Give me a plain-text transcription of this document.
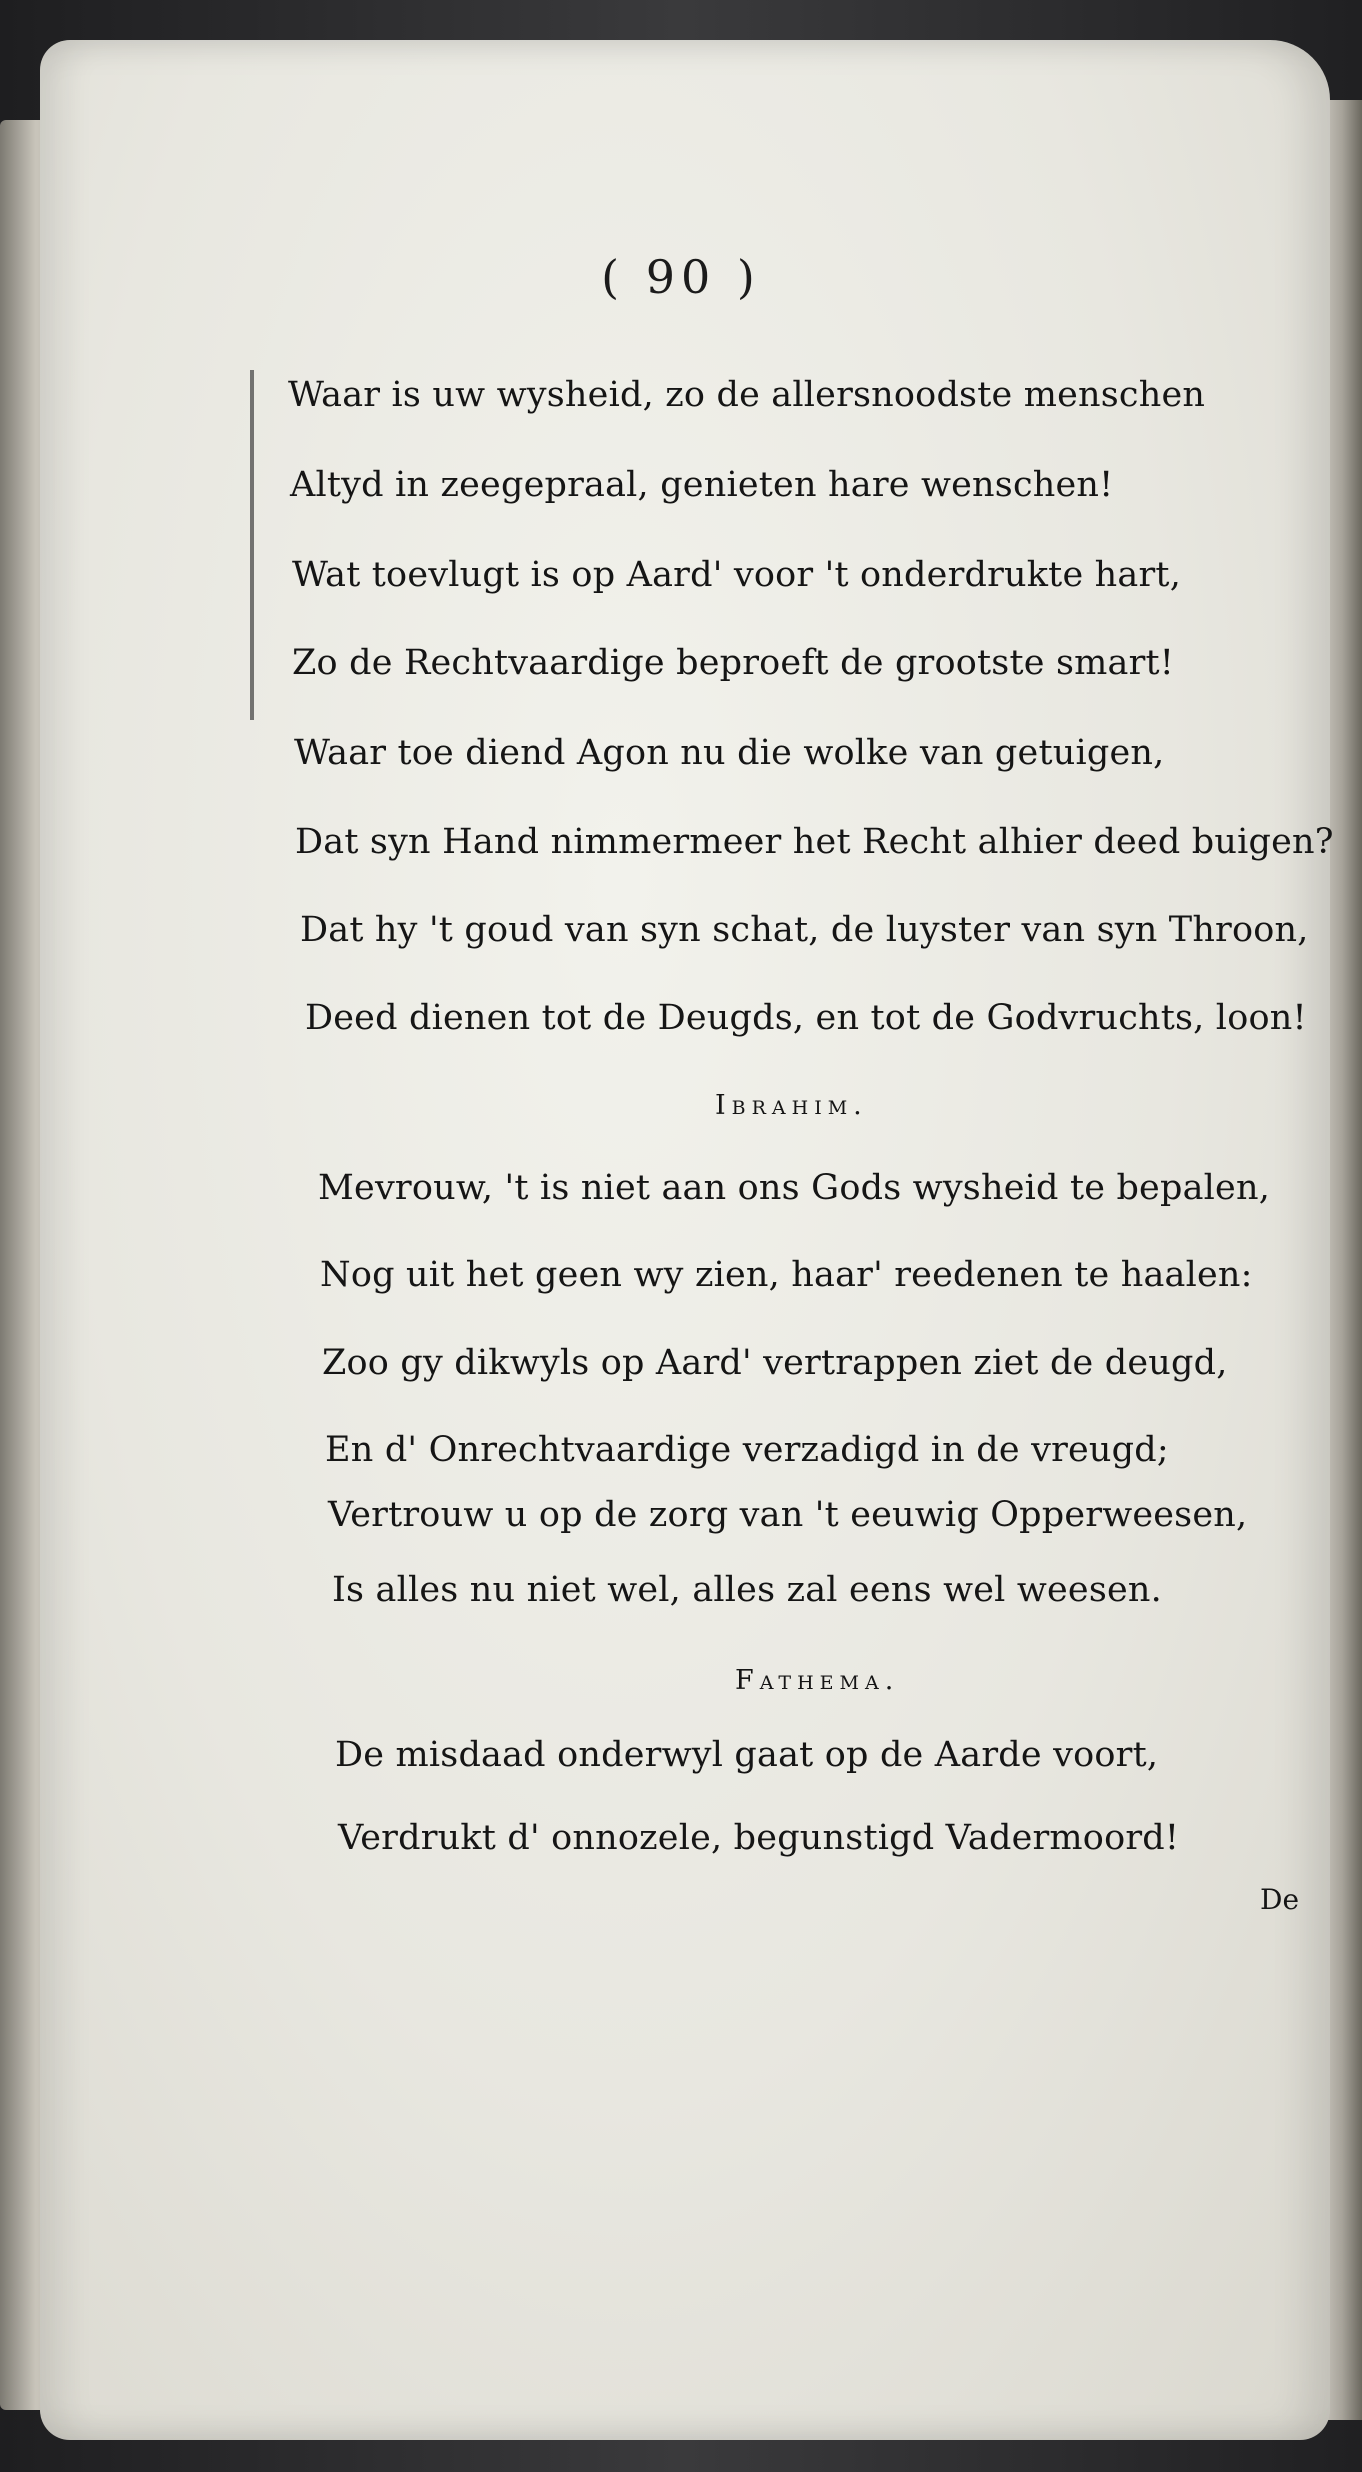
( 90 )
Waar is uw wysheid, zo de allersnoodste menschen
Altyd in zeegepraal, genieten hare wenschen!
Wat toevlugt is op Aard' voor 't onderdrukte hart,
Zo de Rechtvaardige beproeft de grootste smart!
Waar toe diend Agon nu die wolke van getuigen,
Dat syn Hand nimmermeer het Recht alhier deed buigen?
Dat hy 't goud van syn schat, de luyster van syn Throon,
Deed dienen tot de Deugds, en tot de Godvruchts, loon!
Ibrahim.
Mevrouw, 't is niet aan ons Gods wysheid te bepalen,
Nog uit het geen wy zien, haar' reedenen te haalen:
Zoo gy dikwyls op Aard' vertrappen ziet de deugd,
En d' Onrechtvaardige verzadigd in de vreugd;
Vertrouw u op de zorg van 't eeuwig Opperweesen,
Is alles nu niet wel, alles zal eens wel weesen.
Fathema.
De misdaad onderwyl gaat op de Aarde voort,
Verdrukt d' onnozele, begunstigd Vadermoord!
De
